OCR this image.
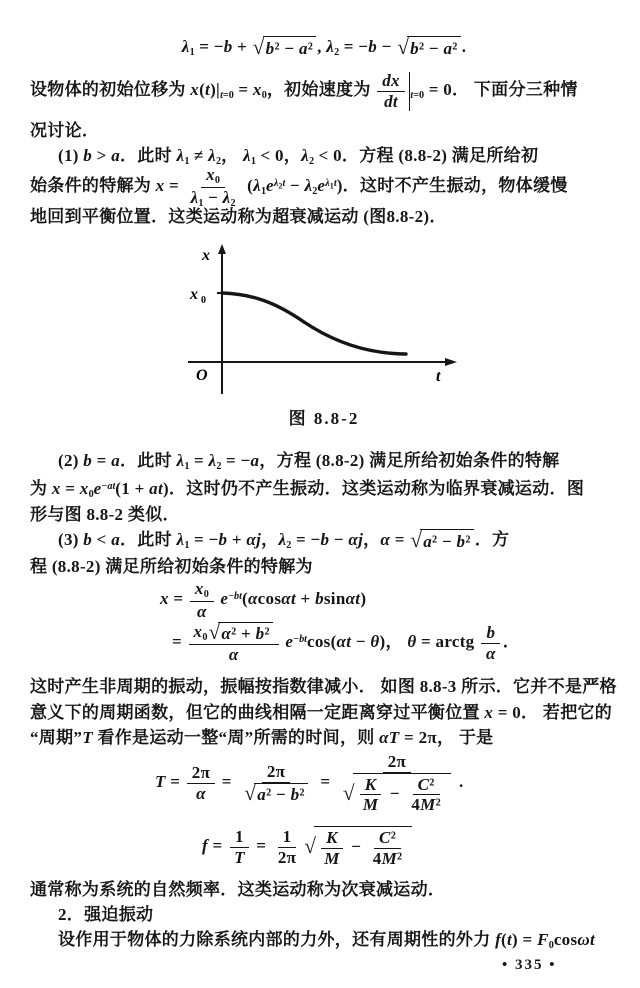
$\lambda_1 = -b$ + √ b² − a² , $\lambda_2 = -b$ − √ b² − a² .
设物体的初始位移为 $x(t)|_{t=0} = x_0$，初始速度为 $\frac{dx}{dt} _{t=0} = 0$． 下面分三种情
况讨论．
(1) b > a．此时 $\lambda_1 \ne \lambda_2$， $\lambda_1 < 0$，$\lambda_2 < 0$．方程 (8.8-2) 满足所给初
始条件的特解为 $x = \frac{x_0}{\lambda_1 - \lambda_2} (\lambda_1e^{\lambda_2t} - \lambda_2e^{\lambda_1t})$．这时不产生振动，物体缓慢
地回到平衡位置．这类运动称为超衰减运动 (图8.8-2)．
x
x 0
O	t
图 8.8-2
(2) b = a．此时 $\lambda_1 = \lambda_2 = -a$，方程 (8.8-2) 满足所给初始条件的特解
为 $x = x_0e^{-at}(1 + at)$．这时仍不产生振动．这类运动称为临界衰减运动．图
形与图 8.8-2 类似．
(3) b < a．此时 $\lambda_1 = -b + \alpha j$，$\lambda_2 = -b - \alpha j$，α = √ a² − b² ．方
程 (8.8-2) 满足所给初始条件的特解为
$x = \frac{x_0}{\alpha} e^{-bt}(\alpha\cos\alpha t + bsin\alpha t)$
= $\frac{x_0 √ \alpha^2 + b^2}{\alpha} e^{-bt}\cos(\alpha t - \theta)$， θ = arctg $\frac{b}{\alpha}$ ．
这时产生非周期的振动，振幅按指数律减小． 如图 8.8-3 所示．它并不是严格
意义下的周期函数，但它的曲线相隔一定距离穿过平衡位置 x = 0． 若把它的
“周期”T 看作是运动一整“周”所需的时间，则 αT = 2π， 于是
$T = \frac{2\pi}{\alpha} = \frac{2\pi}{\text{√ a² − b²}} = \frac{2\pi}{√ \frac{K}{M} - \frac{\text{C²}}{\text{4M²}}}$ .
$f = \frac{1}{T} = \frac{1}{2\pi}$ √ $\frac{K}{M} - \frac{\text{C²}}{\text{4M²}}$
通常称为系统的自然频率．这类运动称为次衰减运动．
2．强迫振动
设作用于物体的力除系统内部的力外，还有周期性的外力 $f(t) = F_0\cos\omega t$
• 335 •
